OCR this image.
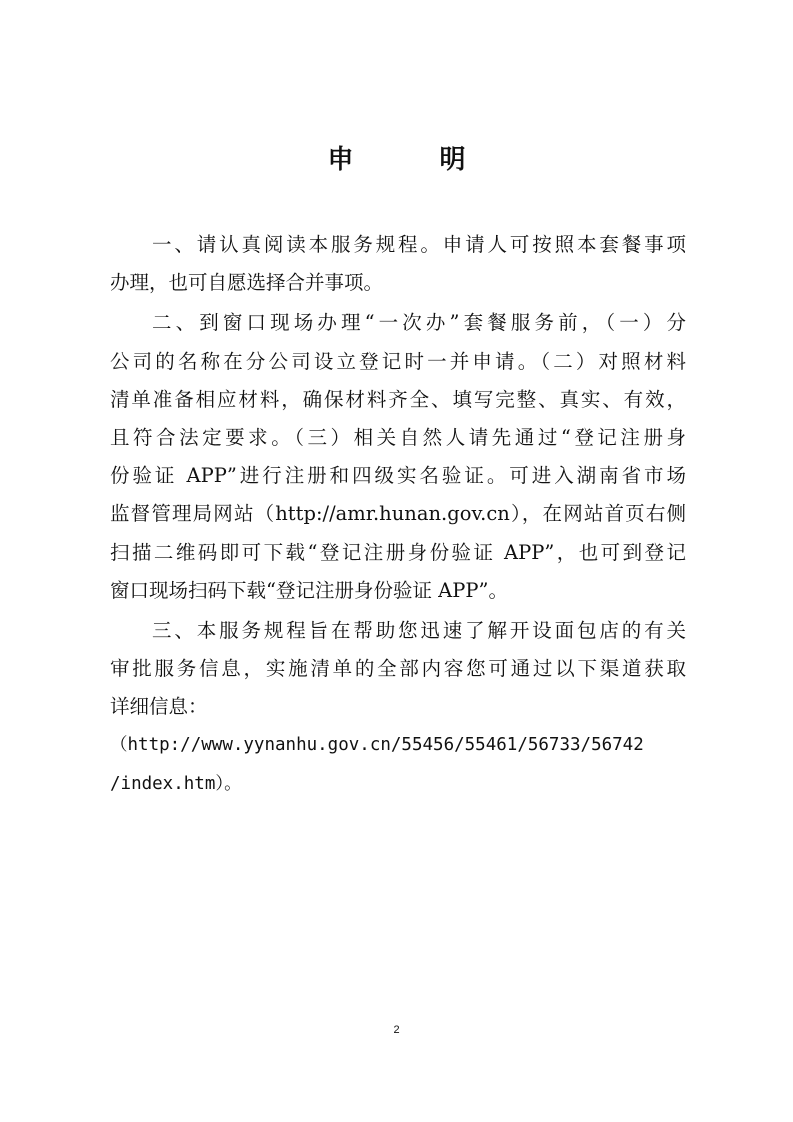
申　明
一、请认真阅读本服务规程。申请人可按照本套餐事项
办理，也可自愿选择合并事项。
二、到窗口现场办理“一次办”套餐服务前，（一）分
公司的名称在分公司设立登记时一并申请。（二）对照材料
清单准备相应材料，确保材料齐全、填写完整、真实、有效，
且符合法定要求。（三）相关自然人请先通过“登记注册身
份验证 APP”进行注册和四级实名验证。可进入湖南省市场
监督管理局网站（http://amr.hunan.gov.cn），在网站首页右侧
扫描二维码即可下载“登记注册身份验证 APP”，也可到登记
窗口现场扫码下载“登记注册身份验证 APP”。
三、本服务规程旨在帮助您迅速了解开设面包店的有关
审批服务信息，实施清单的全部内容您可通过以下渠道获取
详细信息：
（http://www.yynanhu.gov.cn/55456/55461/56733/56742
/index.htm）。
2
